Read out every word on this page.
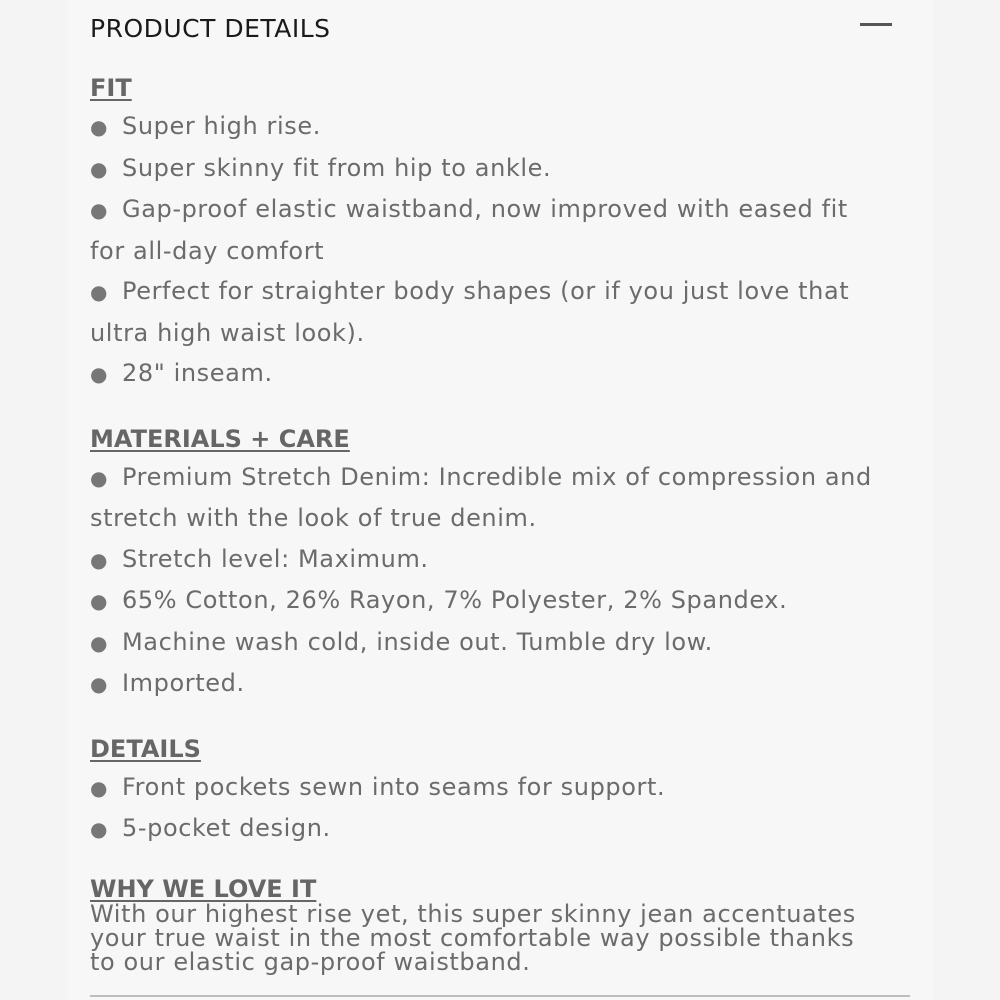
PRODUCT DETAILS
FIT
● Super high rise.
● Super skinny fit from hip to ankle.
● Gap-proof elastic waistband, now improved with eased fit
for all-day comfort
● Perfect for straighter body shapes (or if you just love that
ultra high waist look).
● 28" inseam.
MATERIALS + CARE
● Premium Stretch Denim: Incredible mix of compression and
stretch with the look of true denim.
● Stretch level: Maximum.
● 65% Cotton, 26% Rayon, 7% Polyester, 2% Spandex.
● Machine wash cold, inside out. Tumble dry low.
● Imported.
DETAILS
● Front pockets sewn into seams for support.
● 5-pocket design.
WHY WE LOVE IT
With our highest rise yet, this super skinny jean accentuates
your true waist in the most comfortable way possible thanks
to our elastic gap-proof waistband.
